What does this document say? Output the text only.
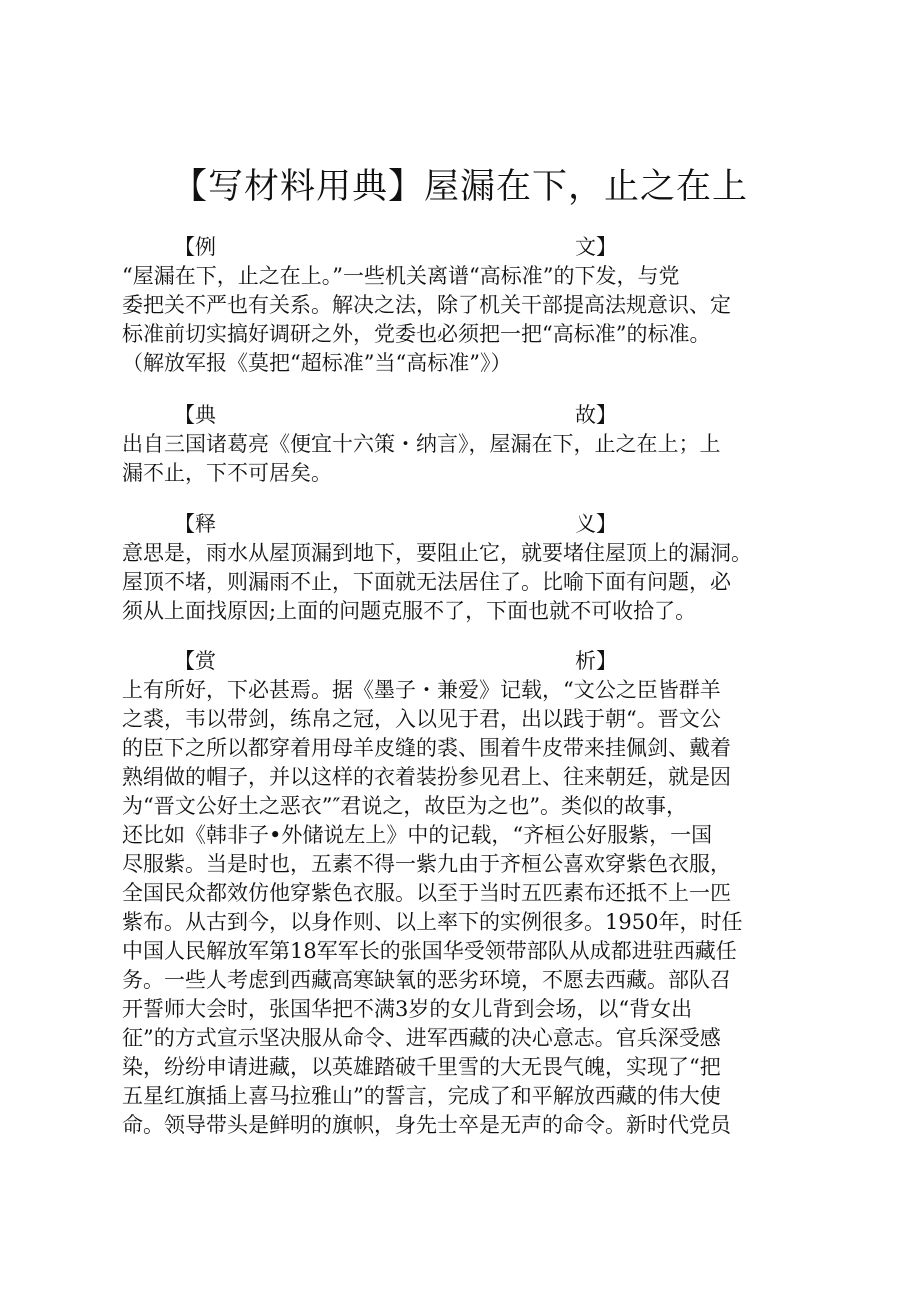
【写材料用典】屋漏在下，止之在上
【例	文】
“屋漏在下，止之在上。”一些机关离谱“高标准”的下发，与党
委把关不严也有关系。解决之法，除了机关干部提高法规意识、定
标准前切实搞好调研之外，党委也必须把一把“高标准”的标准。
（解放军报《莫把“超标准”当“高标准”》）
【典	故】
出自三国诸葛亮《便宜十六策・纳言》，屋漏在下，止之在上；上
漏不止，下不可居矣。
【释	义】
意思是，雨水从屋顶漏到地下，要阻止它，就要堵住屋顶上的漏洞。
屋顶不堵，则漏雨不止，下面就无法居住了。比喻下面有问题，必
须从上面找原因;上面的问题克服不了，下面也就不可收拾了。
【赏	析】
上有所好，下必甚焉。据《墨子・兼爱》记载，“文公之臣皆群羊
之裘，韦以带剑，练帛之冠，入以见于君，出以践于朝“。晋文公
的臣下之所以都穿着用母羊皮缝的裘、围着牛皮带来挂佩剑、戴着
熟绢做的帽子，并以这样的衣着装扮参见君上、往来朝廷，就是因
为“晋文公好土之恶衣”″君说之，故臣为之也”。类似的故事，
还比如《韩非子•外储说左上》中的记载，“齐桓公好服紫，一国
尽服紫。当是时也，五素不得一紫九由于齐桓公喜欢穿紫色衣服，
全国民众都效仿他穿紫色衣服。以至于当时五匹素布还抵不上一匹
紫布。从古到今，以身作则、以上率下的实例很多。1950年，时任
中国人民解放军第18军军长的张国华受领带部队从成都进驻西藏任
务。一些人考虑到西藏高寒缺氧的恶劣环境，不愿去西藏。部队召
开誓师大会时，张国华把不满3岁的女儿背到会场，以“背女出
征”的方式宣示坚决服从命令、进军西藏的决心意志。官兵深受感
染，纷纷申请进藏，以英雄踏破千里雪的大无畏气魄，实现了“把
五星红旗插上喜马拉雅山”的誓言，完成了和平解放西藏的伟大使
命。领导带头是鲜明的旗帜，身先士卒是无声的命令。新时代党员
